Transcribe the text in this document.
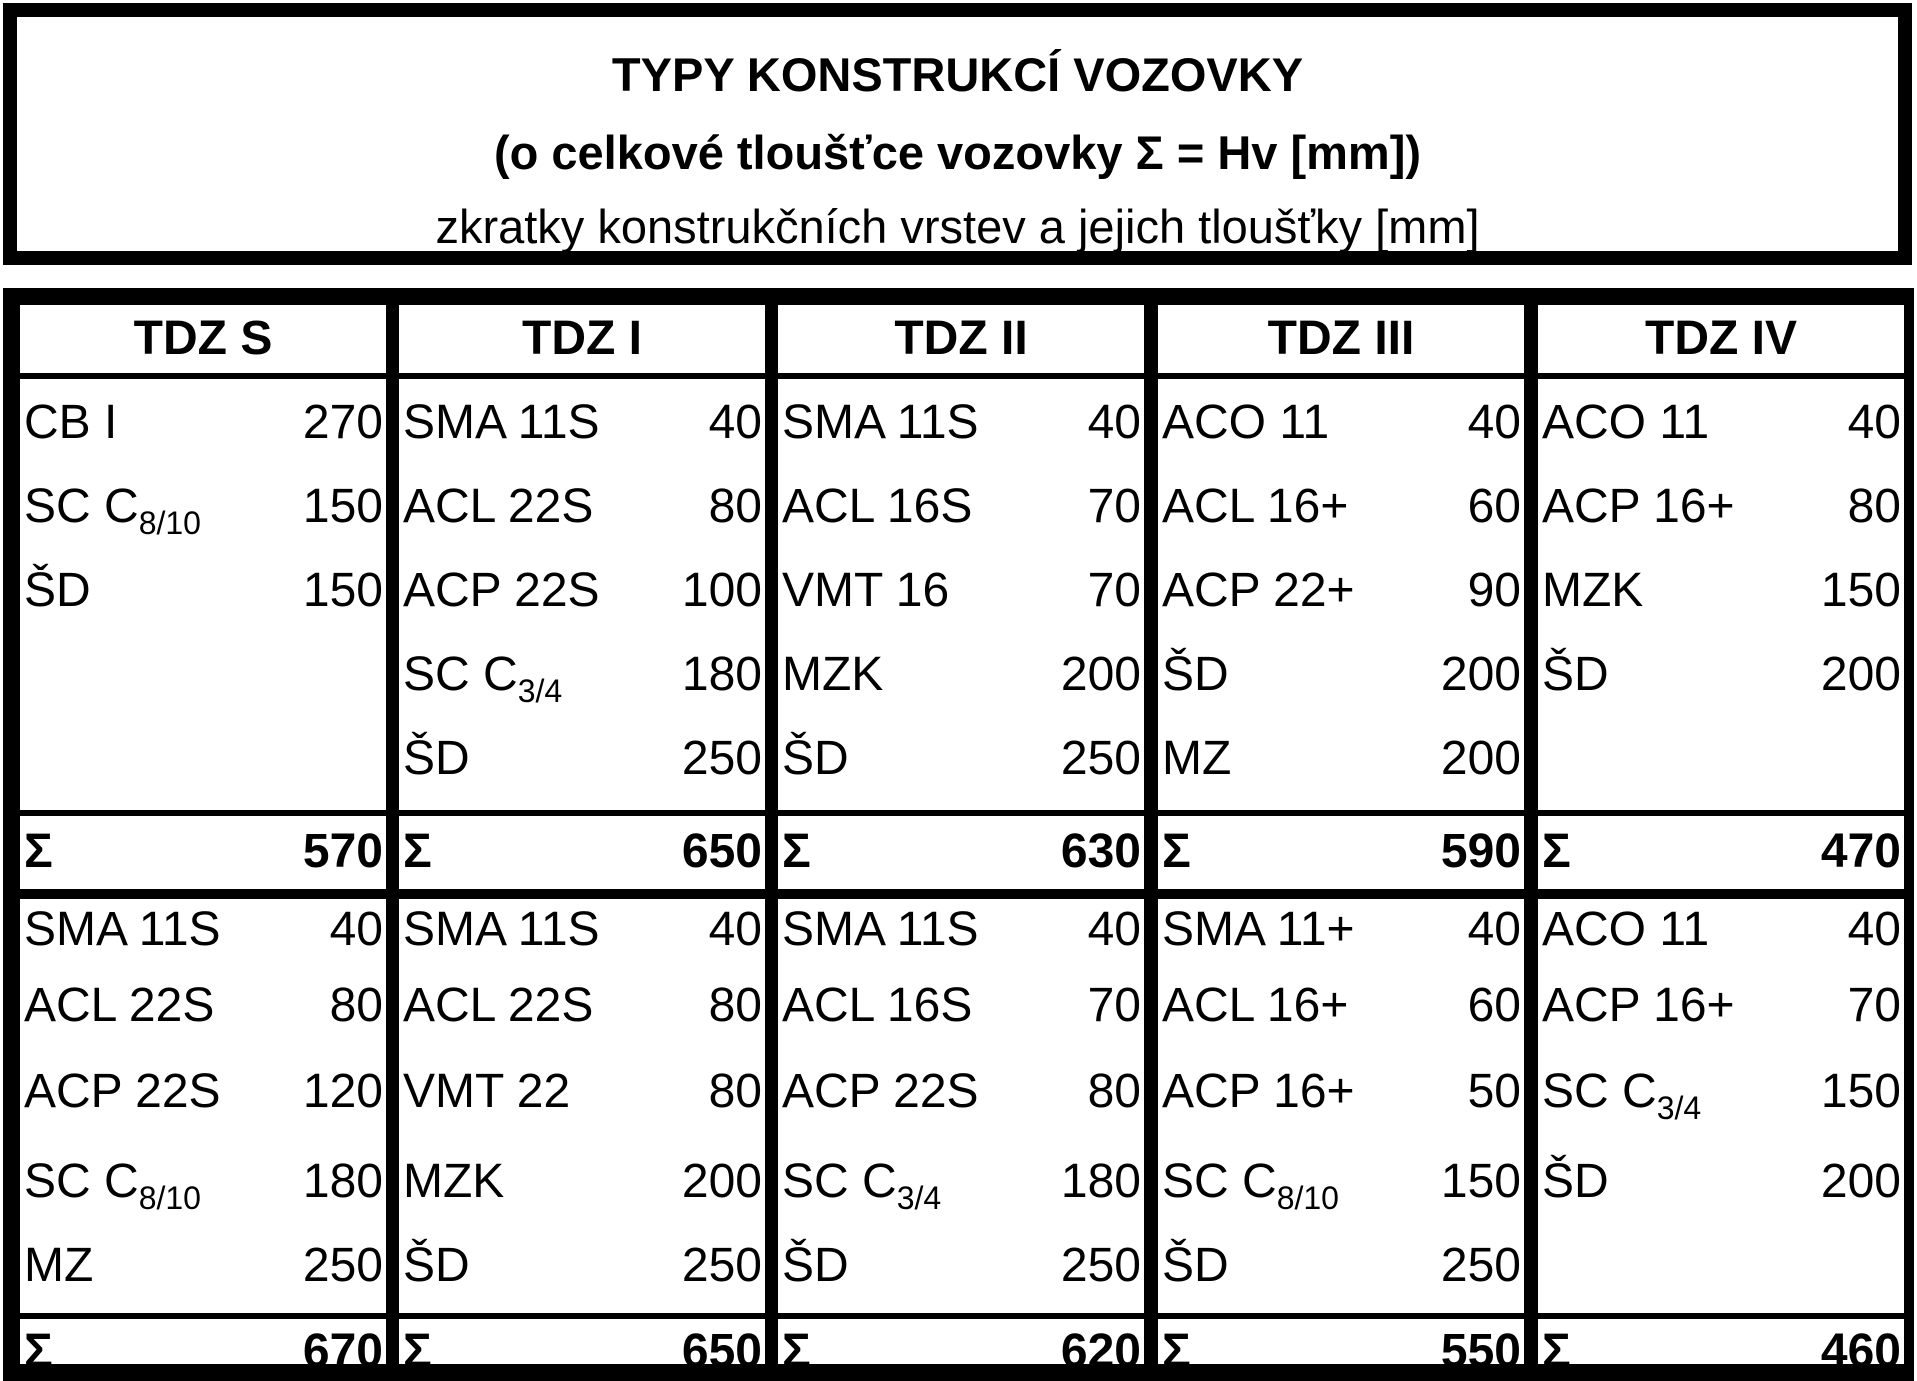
TYPY KONSTRUKCÍ VOZOVKY
(o celkové tloušťce vozovky Σ = Hv [mm])
zkratky konstrukčních vrstev a jejich tloušťky [mm]
TDZ S
CB I	270
SC $C_{8/10}$ 150
ŠD	150
Σ	570
SMA 11S 40
ACL 22S 80
ACP 22S 120
SC $C_{8/10}$ 180
MZ	250
Σ	670
TDZ I
SMA 11S 40
ACL 22S 80
ACP 22S 100
SC $C_{3/4}$ 180
ŠD	250
Σ	650
SMA 11S 40
ACL 22S 80
VMT 22	80
MZK	200
ŠD	250
Σ	650
TDZ II
SMA 11S 40
ACL 16S 70
VMT 16	70
MZK	200
ŠD	250
Σ	630
SMA 11S 40
ACL 16S 70
ACP 22S 80
SC $C_{3/4}$ 180
ŠD	250
Σ	620
TDZ III
ACO 11	40
ACL 16+ 60
ACP 22+ 90
ŠD	200
MZ	200
Σ	590
SMA 11+ 40
ACL 16+ 60
ACP 16+ 50
SC $C_{8/10}$ 150
ŠD	250
Σ	550
TDZ IV
ACO 11	40
ACP 16+ 80
MZK	150
ŠD	200
Σ	470
ACO 11	40
ACP 16+ 70
SC $C_{3/4}$ 150
ŠD	200
Σ	460
